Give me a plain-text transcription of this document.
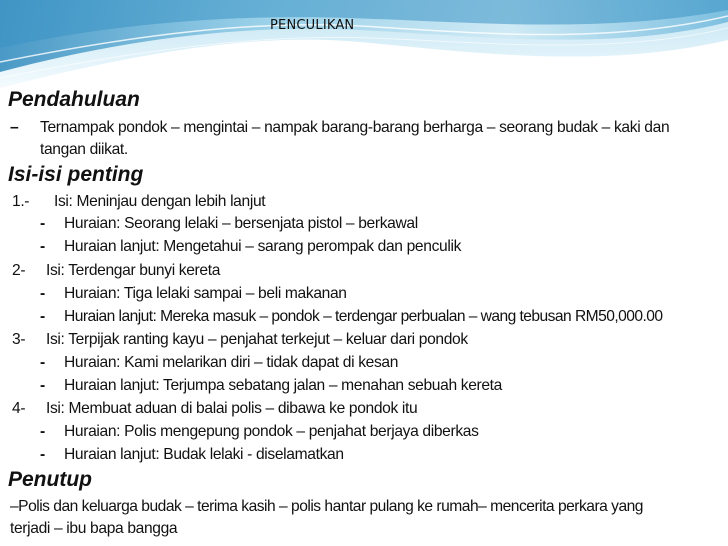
PENCULIKAN
Pendahuluan
– Ternampak pondok – mengintai – nampak barang-barang berharga – seorang budak – kaki dan
tangan diikat.
Isi-isi penting
1.- Isi: Meninjau dengan lebih lanjut
- Huraian: Seorang lelaki – bersenjata pistol – berkawal
- Huraian lanjut: Mengetahui – sarang perompak dan penculik
2- Isi: Terdengar bunyi kereta
- Huraian: Tiga lelaki sampai – beli makanan
- Huraian lanjut: Mereka masuk – pondok – terdengar perbualan – wang tebusan RM50,000.00
3- Isi: Terpijak ranting kayu – penjahat terkejut – keluar dari pondok
- Huraian: Kami melarikan diri – tidak dapat di kesan
- Huraian lanjut: Terjumpa sebatang jalan – menahan sebuah kereta
4- Isi: Membuat aduan di balai polis – dibawa ke pondok itu
- Huraian: Polis mengepung pondok – penjahat berjaya diberkas
- Huraian lanjut: Budak lelaki - diselamatkan
Penutup
–Polis dan keluarga budak – terima kasih – polis hantar pulang ke rumah– mencerita perkara yang
terjadi – ibu bapa bangga
